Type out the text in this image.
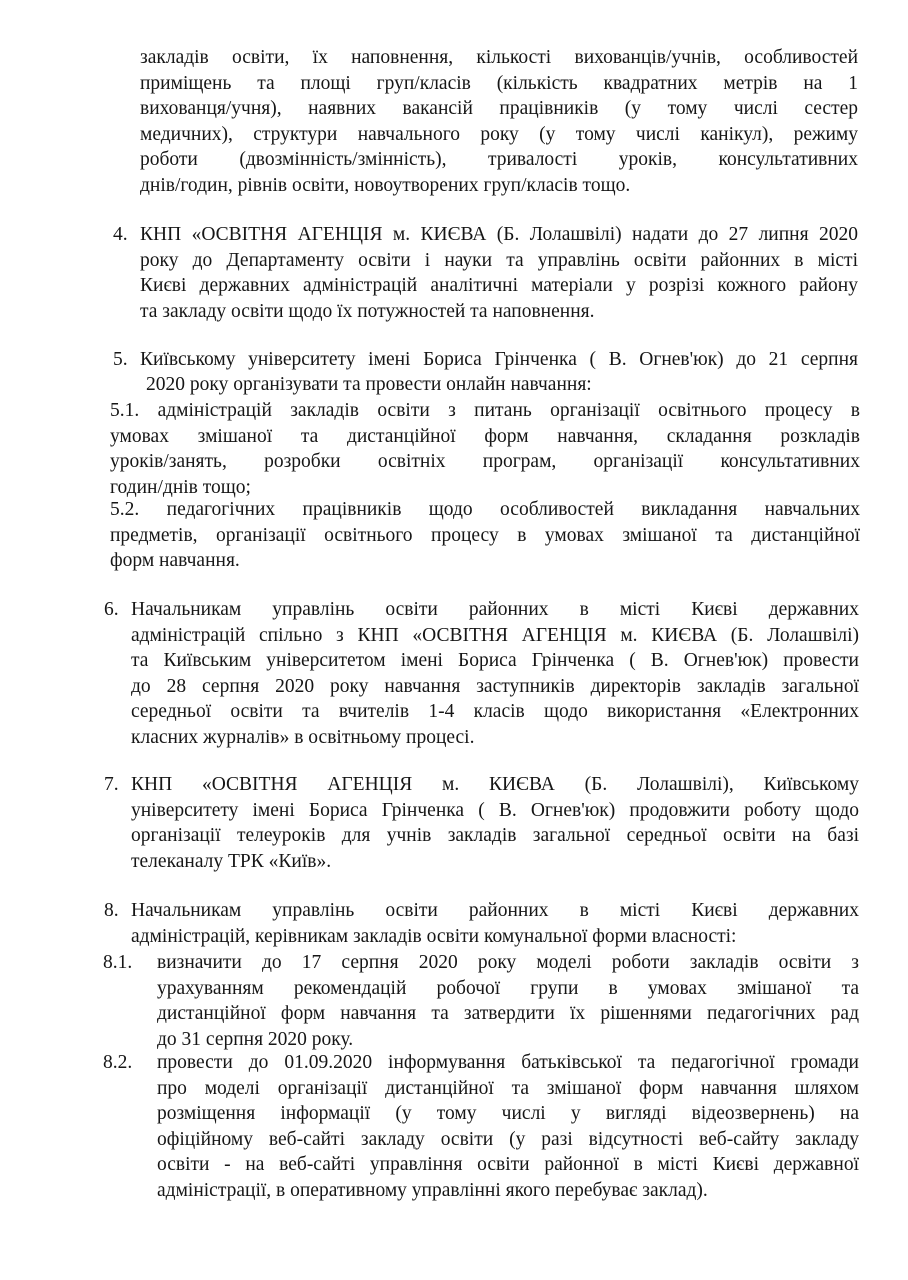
закладів освіти, їх наповнення, кількості вихованців/учнів, особливостей
приміщень та площі груп/класів (кількість квадратних метрів на 1
вихованця/учня), наявних вакансій працівників (у тому числі сестер
медичних), структури навчального року (у тому числі канікул), режиму
роботи (двозмінність/змінність), тривалості уроків, консультативних
днів/годин, рівнів освіти, новоутворених груп/класів тощо.
4. КНП «ОСВІТНЯ АГЕНЦІЯ м. КИЄВА (Б. Лолашвілі) надати до 27 липня 2020
року до Департаменту освіти і науки та управлінь освіти районних в місті
Києві державних адміністрацій аналітичні матеріали у розрізі кожного району
та закладу освіти щодо їх потужностей та наповнення.
5. Київському університету імені Бориса Грінченка ( В. Огнев'юк) до 21 серпня
2020 року організувати та провести онлайн навчання:
5.1. адміністрацій закладів освіти з питань організації освітнього процесу в
умовах змішаної та дистанційної форм навчання, складання розкладів
уроків/занять, розробки освітніх програм, організації консультативних
годин/днів тощо;
5.2. педагогічних працівників щодо особливостей викладання навчальних
предметів, організації освітнього процесу в умовах змішаної та дистанційної
форм навчання.
6. Начальникам управлінь освіти районних в місті Києві державних
адміністрацій спільно з КНП «ОСВІТНЯ АГЕНЦІЯ м. КИЄВА (Б. Лолашвілі)
та Київським університетом імені Бориса Грінченка ( В. Огнев'юк) провести
до 28 серпня 2020 року навчання заступників директорів закладів загальної
середньої освіти та вчителів 1-4 класів щодо використання «Електронних
класних журналів» в освітньому процесі.
7. КНП «ОСВІТНЯ АГЕНЦІЯ м. КИЄВА (Б. Лолашвілі), Київському
університету імені Бориса Грінченка ( В. Огнев'юк) продовжити роботу щодо
організації телеуроків для учнів закладів загальної середньої освіти на базі
телеканалу ТРК «Київ».
8. Начальникам управлінь освіти районних в місті Києві державних
адміністрацій, керівникам закладів освіти комунальної форми власності:
8.1. визначити до 17 серпня 2020 року моделі роботи закладів освіти з
урахуванням рекомендацій робочої групи в умовах змішаної та
дистанційної форм навчання та затвердити їх рішеннями педагогічних рад
до 31 серпня 2020 року.
8.2. провести до 01.09.2020 інформування батьківської та педагогічної громади
про моделі організації дистанційної та змішаної форм навчання шляхом
розміщення інформації (у тому числі у вигляді відеозвернень) на
офіційному веб-сайті закладу освіти (у разі відсутності веб-сайту закладу
освіти - на веб-сайті управління освіти районної в місті Києві державної
адміністрації, в оперативному управлінні якого перебуває заклад).
